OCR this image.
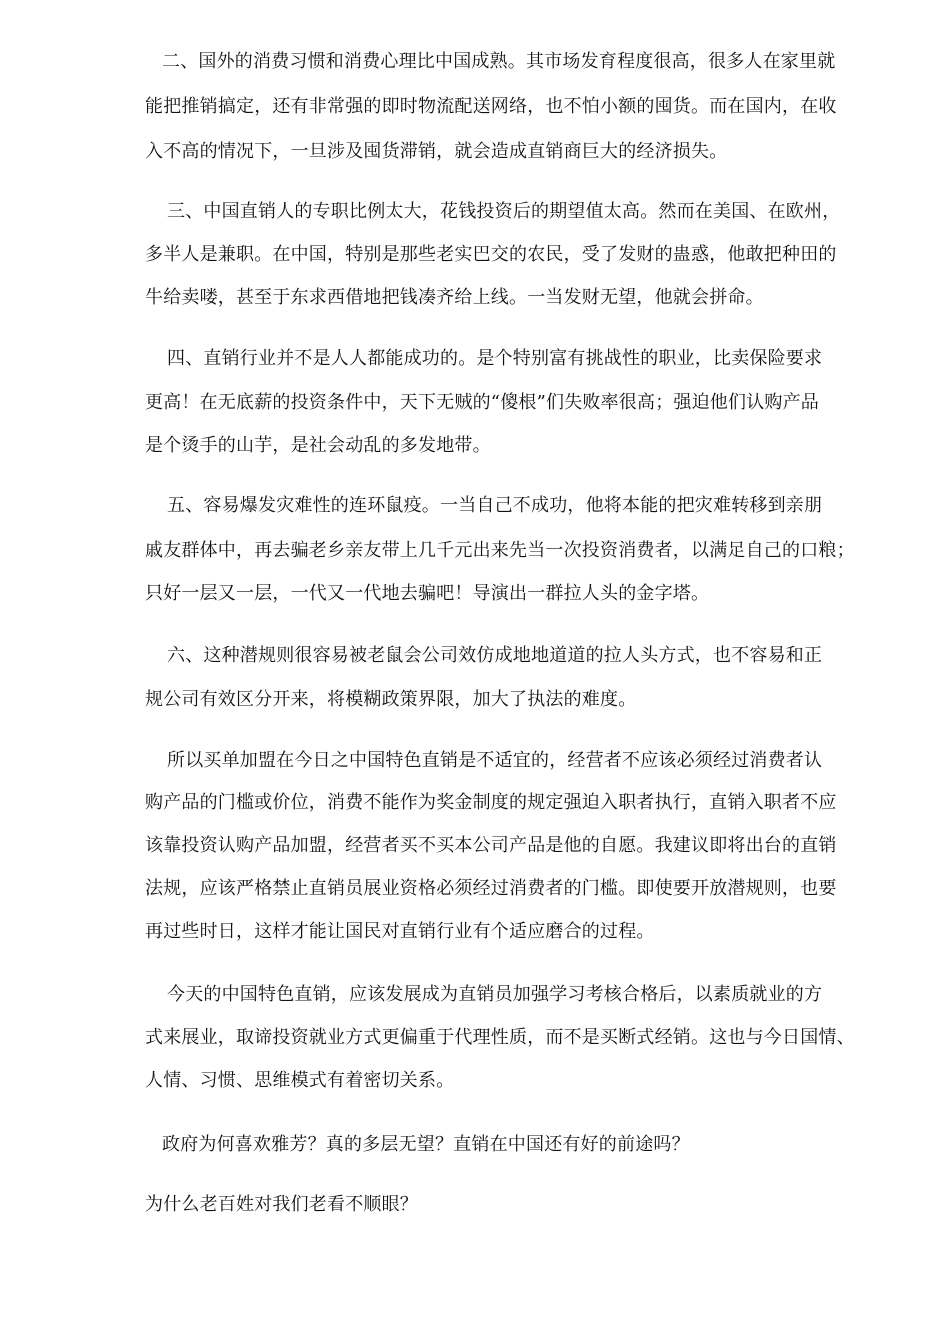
二、国外的消费习惯和消费心理比中国成熟。其市场发育程度很高，很多人在家里就
能把推销搞定，还有非常强的即时物流配送网络，也不怕小额的囤货。而在国内，在收
入不高的情况下，一旦涉及囤货滞销，就会造成直销商巨大的经济损失。
三、中国直销人的专职比例太大，花钱投资后的期望值太高。然而在美国、在欧州，
多半人是兼职。在中国，特别是那些老实巴交的农民，受了发财的蛊惑，他敢把种田的
牛给卖喽，甚至于东求西借地把钱凑齐给上线。一当发财无望，他就会拼命。
四、直销行业并不是人人都能成功的。是个特别富有挑战性的职业，比卖保险要求
更高！在无底薪的投资条件中，天下无贼的“傻根”们失败率很高；强迫他们认购产品
是个烫手的山芋，是社会动乱的多发地带。
五、容易爆发灾难性的连环鼠疫。一当自己不成功，他将本能的把灾难转移到亲朋
戚友群体中，再去骗老乡亲友带上几千元出来先当一次投资消费者，以满足自己的口粮；
只好一层又一层，一代又一代地去骗吧！导演出一群拉人头的金字塔。
六、这种潜规则很容易被老鼠会公司效仿成地地道道的拉人头方式，也不容易和正
规公司有效区分开来，将模糊政策界限，加大了执法的难度。
所以买单加盟在今日之中国特色直销是不适宜的，经营者不应该必须经过消费者认
购产品的门槛或价位，消费不能作为奖金制度的规定强迫入职者执行，直销入职者不应
该靠投资认购产品加盟，经营者买不买本公司产品是他的自愿。我建议即将出台的直销
法规，应该严格禁止直销员展业资格必须经过消费者的门槛。即使要开放潜规则，也要
再过些时日，这样才能让国民对直销行业有个适应磨合的过程。
今天的中国特色直销，应该发展成为直销员加强学习考核合格后，以素质就业的方
式来展业，取谛投资就业方式更偏重于代理性质，而不是买断式经销。这也与今日国情、
人情、习惯、思维模式有着密切关系。
政府为何喜欢雅芳？真的多层无望？直销在中国还有好的前途吗？
为什么老百姓对我们老看不顺眼？
